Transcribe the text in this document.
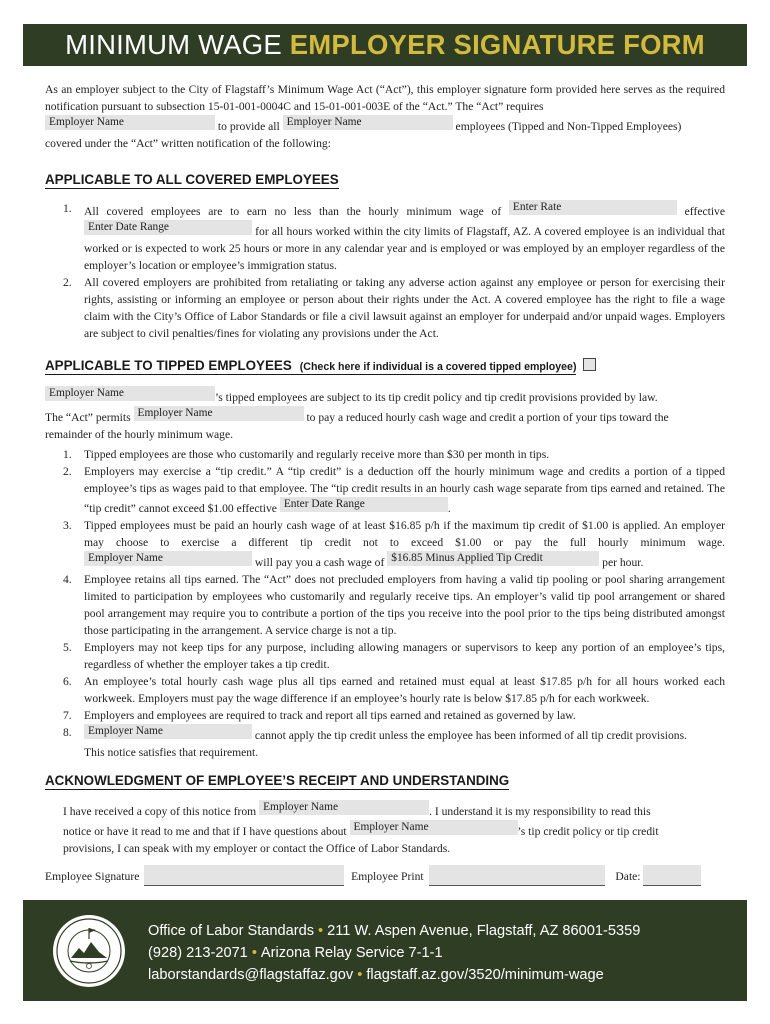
MINIMUM WAGE EMPLOYER SIGNATURE FORM
As an employer subject to the City of Flagstaff’s Minimum Wage Act (“Act”), this employer signature form provided here serves as the required notification pursuant to subsection 15-01-001-0004C and 15-01-001-003E of the “Act.” The “Act” requires
Employer Name	to provide all Employer Name	employees (Tipped and Non-Tipped Employees)
covered under the “Act” written notification of the following:
APPLICABLE TO ALL COVERED EMPLOYEES
1. All covered employees are to earn no less than the hourly minimum wage of Enter Rate	effective Enter Date Range	for all hours worked within the city limits of Flagstaff, AZ. A covered employee is an individual that worked or is expected to work 25 hours or more in any calendar year and is employed or was employed by an employer regardless of the employer’s location or employee’s immigration status.
2. All covered employers are prohibited from retaliating or taking any adverse action against any employee or person for exercising their rights, assisting or informing an employee or person about their rights under the Act. A covered employee has the right to file a wage claim with the City’s Office of Labor Standards or file a civil lawsuit against an employer for underpaid and/or unpaid wages. Employers are subject to civil penalties/fines for violating any provisions under the Act.
APPLICABLE TO TIPPED EMPLOYEES (Check here if individual is a covered tipped employee)
Employer Name	’s tipped employees are subject to its tip credit policy and tip credit provisions provided by law.
The “Act” permits Employer Name	to pay a reduced hourly cash wage and credit a portion of your tips toward the
remainder of the hourly minimum wage.
1. Tipped employees are those who customarily and regularly receive more than $30 per month in tips.
2. Employers may exercise a “tip credit.” A “tip credit” is a deduction off the hourly minimum wage and credits a portion of a tipped employee’s tips as wages paid to that employee. The “tip credit results in an hourly cash wage separate from tips earned and retained. The “tip credit” cannot exceed $1.00 effective Enter Date Range	.
3. Tipped employees must be paid an hourly cash wage of at least $16.85 p/h if the maximum tip credit of $1.00 is applied. An employer may choose to exercise a different tip credit not to exceed $1.00 or pay the full hourly minimum wage. Employer Name	will pay you a cash wage of $16.85 Minus Applied Tip Credit	per hour.
4. Employee retains all tips earned. The “Act” does not precluded employers from having a valid tip pooling or pool sharing arrangement limited to participation by employees who customarily and regularly receive tips. An employer’s valid tip pool arrangement or shared pool arrangement may require you to contribute a portion of the tips you receive into the pool prior to the tips being distributed amongst those participating in the arrangement. A service charge is not a tip.
5. Employers may not keep tips for any purpose, including allowing managers or supervisors to keep any portion of an employee’s tips, regardless of whether the employer takes a tip credit.
6. An employee’s total hourly cash wage plus all tips earned and retained must equal at least $17.85 p/h for all hours worked each workweek. Employers must pay the wage difference if an employee’s hourly rate is below $17.85 p/h for each workweek.
7. Employers and employees are required to track and report all tips earned and retained as governed by law.
8. Employer Name	cannot apply the tip credit unless the employee has been informed of all tip credit provisions.
This notice satisfies that requirement.
ACKNOWLEDGMENT OF EMPLOYEE’S RECEIPT AND UNDERSTANDING
I have received a copy of this notice from Employer Name	. I understand it is my responsibility to read this
notice or have it read to me and that if I have questions about Employer Name	’s tip credit policy or tip credit
provisions, I can speak with my employer or contact the Office of Labor Standards.
Employee Signature	Employee Print	Date:
Office of Labor Standards • 211 W. Aspen Avenue, Flagstaff, AZ 86001-5359
(928) 213-2071 • Arizona Relay Service 7-1-1
laborstandards@flagstaffaz.gov • flagstaff.az.gov/3520/minimum-wage
